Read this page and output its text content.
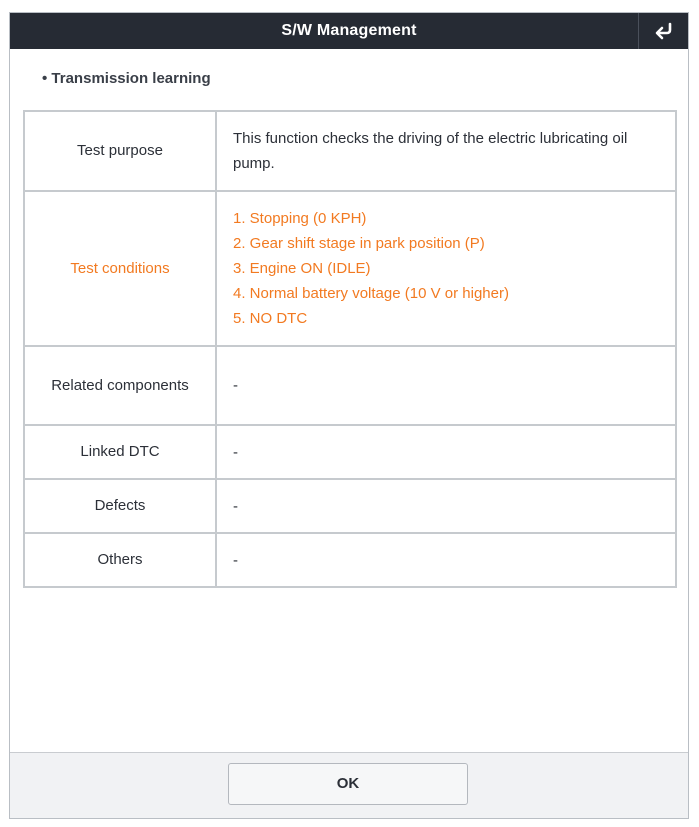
S/W Management
• Transmission learning
Test purpose	This function checks the driving of the electric lubricating oil pump.
Test conditions	1. Stopping (0 KPH)
2. Gear shift stage in park position (P)
3. Engine ON (IDLE)
4. Normal battery voltage (10 V or higher)
5. NO DTC

Related components	-
Linked DTC	-
Defects	-
Others	-
OK
